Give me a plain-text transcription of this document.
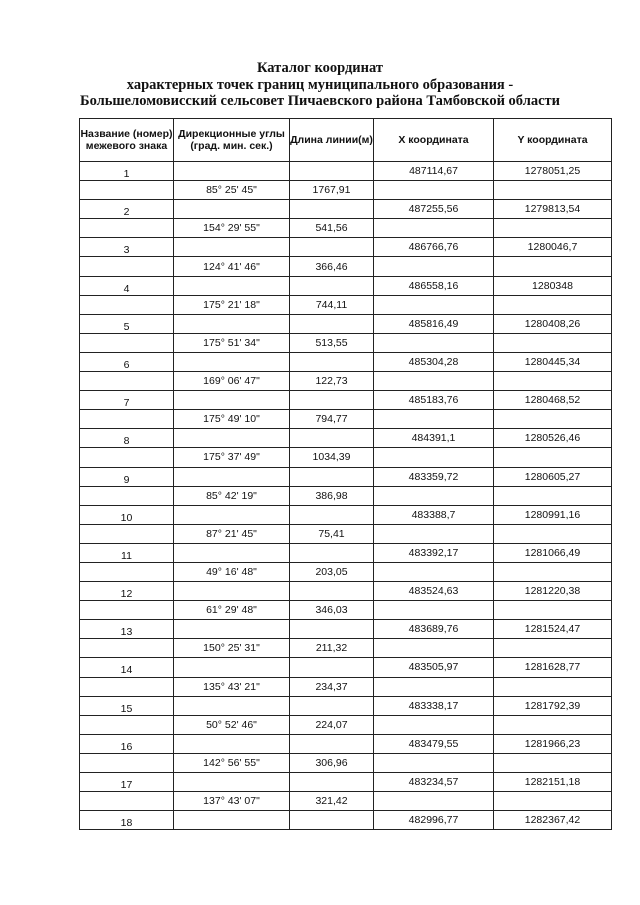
Каталог координат
характерных точек границ муниципального образования -
Большеломовисский сельсовет Пичаевского района Тамбовской области
Название (номер) межевого знака	Дирекционные углы (град. мин. сек.)	Длина линии(м)	X координата	Y координата
1			487114,67	1278051,25
	85° 25' 45"	1767,91		
2			487255,56	1279813,54
	154° 29' 55"	541,56		
3			486766,76	1280046,7
	124° 41' 46"	366,46		
4			486558,16	1280348
	175° 21' 18"	744,11		
5			485816,49	1280408,26
	175° 51' 34"	513,55		
6			485304,28	1280445,34
	169° 06' 47"	122,73		
7			485183,76	1280468,52
	175° 49' 10"	794,77		
8			484391,1	1280526,46
	175° 37' 49"	1034,39		
9			483359,72	1280605,27
	85° 42' 19"	386,98		
10			483388,7	1280991,16
	87° 21' 45"	75,41		
11			483392,17	1281066,49
	49° 16' 48"	203,05		
12			483524,63	1281220,38
	61° 29' 48"	346,03		
13			483689,76	1281524,47
	150° 25' 31"	211,32		
14			483505,97	1281628,77
	135° 43' 21"	234,37		
15			483338,17	1281792,39
	50° 52' 46"	224,07		
16			483479,55	1281966,23
	142° 56' 55"	306,96		
17			483234,57	1282151,18
	137° 43' 07"	321,42		
18			482996,77	1282367,42
